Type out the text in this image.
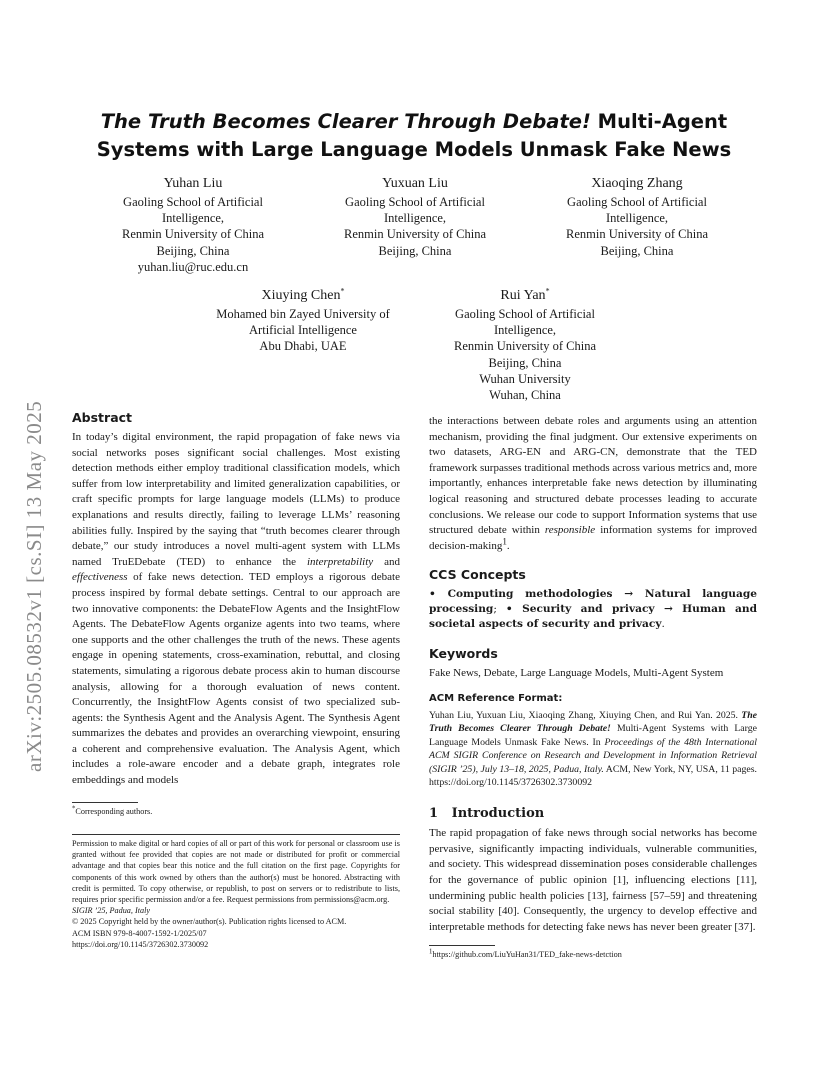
arXiv:2505.08532v1 [cs.SI] 13 May 2025
The Truth Becomes Clearer Through Debate! Multi-Agent
Systems with Large Language Models Unmask Fake News
Yuhan Liu
Gaoling School of Artificial
Intelligence,
Renmin University of China
Beijing, China
yuhan.liu@ruc.edu.cn
Yuxuan Liu
Gaoling School of Artificial
Intelligence,
Renmin University of China
Beijing, China
Xiaoqing Zhang
Gaoling School of Artificial
Intelligence,
Renmin University of China
Beijing, China
Xiuying Chen*
Mohamed bin Zayed University of
Artificial Intelligence
Abu Dhabi, UAE
Rui Yan*
Gaoling School of Artificial
Intelligence,
Renmin University of China
Beijing, China
Wuhan University
Wuhan, China
Abstract

In today’s digital environment, the rapid propagation of fake news via social networks poses significant social challenges. Most existing detection methods either employ traditional classification models, which suffer from low interpretability and limited generalization capabilities, or craft specific prompts for large language models (LLMs) to produce explanations and results directly, failing to leverage LLMs’ reasoning abilities fully. Inspired by the saying that “truth becomes clearer through debate,” our study introduces a novel multi-agent system with LLMs named TruEDebate (TED) to enhance the interpretability and effectiveness of fake news detection. TED employs a rigorous debate process inspired by formal debate settings. Central to our approach are two innovative components: the DebateFlow Agents and the InsightFlow Agents. The DebateFlow Agents organize agents into two teams, where one supports and the other challenges the truth of the news. These agents engage in opening statements, cross-examination, rebuttal, and closing statements, simulating a rigorous debate process akin to human discourse analysis, allowing for a thorough evaluation of news content. Concurrently, the InsightFlow Agents consist of two specialized sub-agents: the Synthesis Agent and the Analysis Agent. The Synthesis Agent summarizes the debates and provides an overarching viewpoint, ensuring a coherent and comprehensive evaluation. The Analysis Agent, which includes a role-aware encoder and a debate graph, integrates role embeddings and models

*Corresponding authors.
Permission to make digital or hard copies of all or part of this work for personal or classroom use is granted without fee provided that copies are not made or distributed for profit or commercial advantage and that copies bear this notice and the full citation on the first page. Copyrights for components of this work owned by others than the author(s) must be honored. Abstracting with credit is permitted. To copy otherwise, or republish, to post on servers or to redistribute to lists, requires prior specific permission and/or a fee. Request permissions from permissions@acm.org.
SIGIR ’25, Padua, Italy
© 2025 Copyright held by the owner/author(s). Publication rights licensed to ACM.
ACM ISBN 979-8-4007-1592-1/2025/07
https://doi.org/10.1145/3726302.3730092

the interactions between debate roles and arguments using an attention mechanism, providing the final judgment. Our extensive experiments on two datasets, ARG-EN and ARG-CN, demonstrate that the TED framework surpasses traditional methods across various metrics and, more importantly, enhances interpretable fake news detection by illuminating logical reasoning and structured debate processes leading to accurate conclusions. We release our code to support Information systems that use structured debate within responsible information systems for improved decision-making$^1$.

CCS Concepts

• Computing methodologies → Natural language processing; • Security and privacy → Human and societal aspects of security and privacy.

Keywords

Fake News, Debate, Large Language Models, Multi-Agent System

ACM Reference Format:

Yuhan Liu, Yuxuan Liu, Xiaoqing Zhang, Xiuying Chen, and Rui Yan. 2025. The Truth Becomes Clearer Through Debate! Multi-Agent Systems with Large Language Models Unmask Fake News. In Proceedings of the 48th International ACM SIGIR Conference on Research and Development in Information Retrieval (SIGIR ’25), July 13–18, 2025, Padua, Italy. ACM, New York, NY, USA, 11 pages. https://doi.org/10.1145/3726302.3730092

1 Introduction

The rapid propagation of fake news through social networks has become pervasive, significantly impacting individuals, vulnerable communities, and society. This widespread dissemination poses considerable challenges for the governance of public opinion [1], influencing elections [11], undermining public health policies [13], fairness [57–59] and threatening social stability [40]. Consequently, the urgency to develop effective and interpretable methods for detecting fake news has never been greater [37].

$^1$https://github.com/LiuYuHan31/TED_fake-news-detction
